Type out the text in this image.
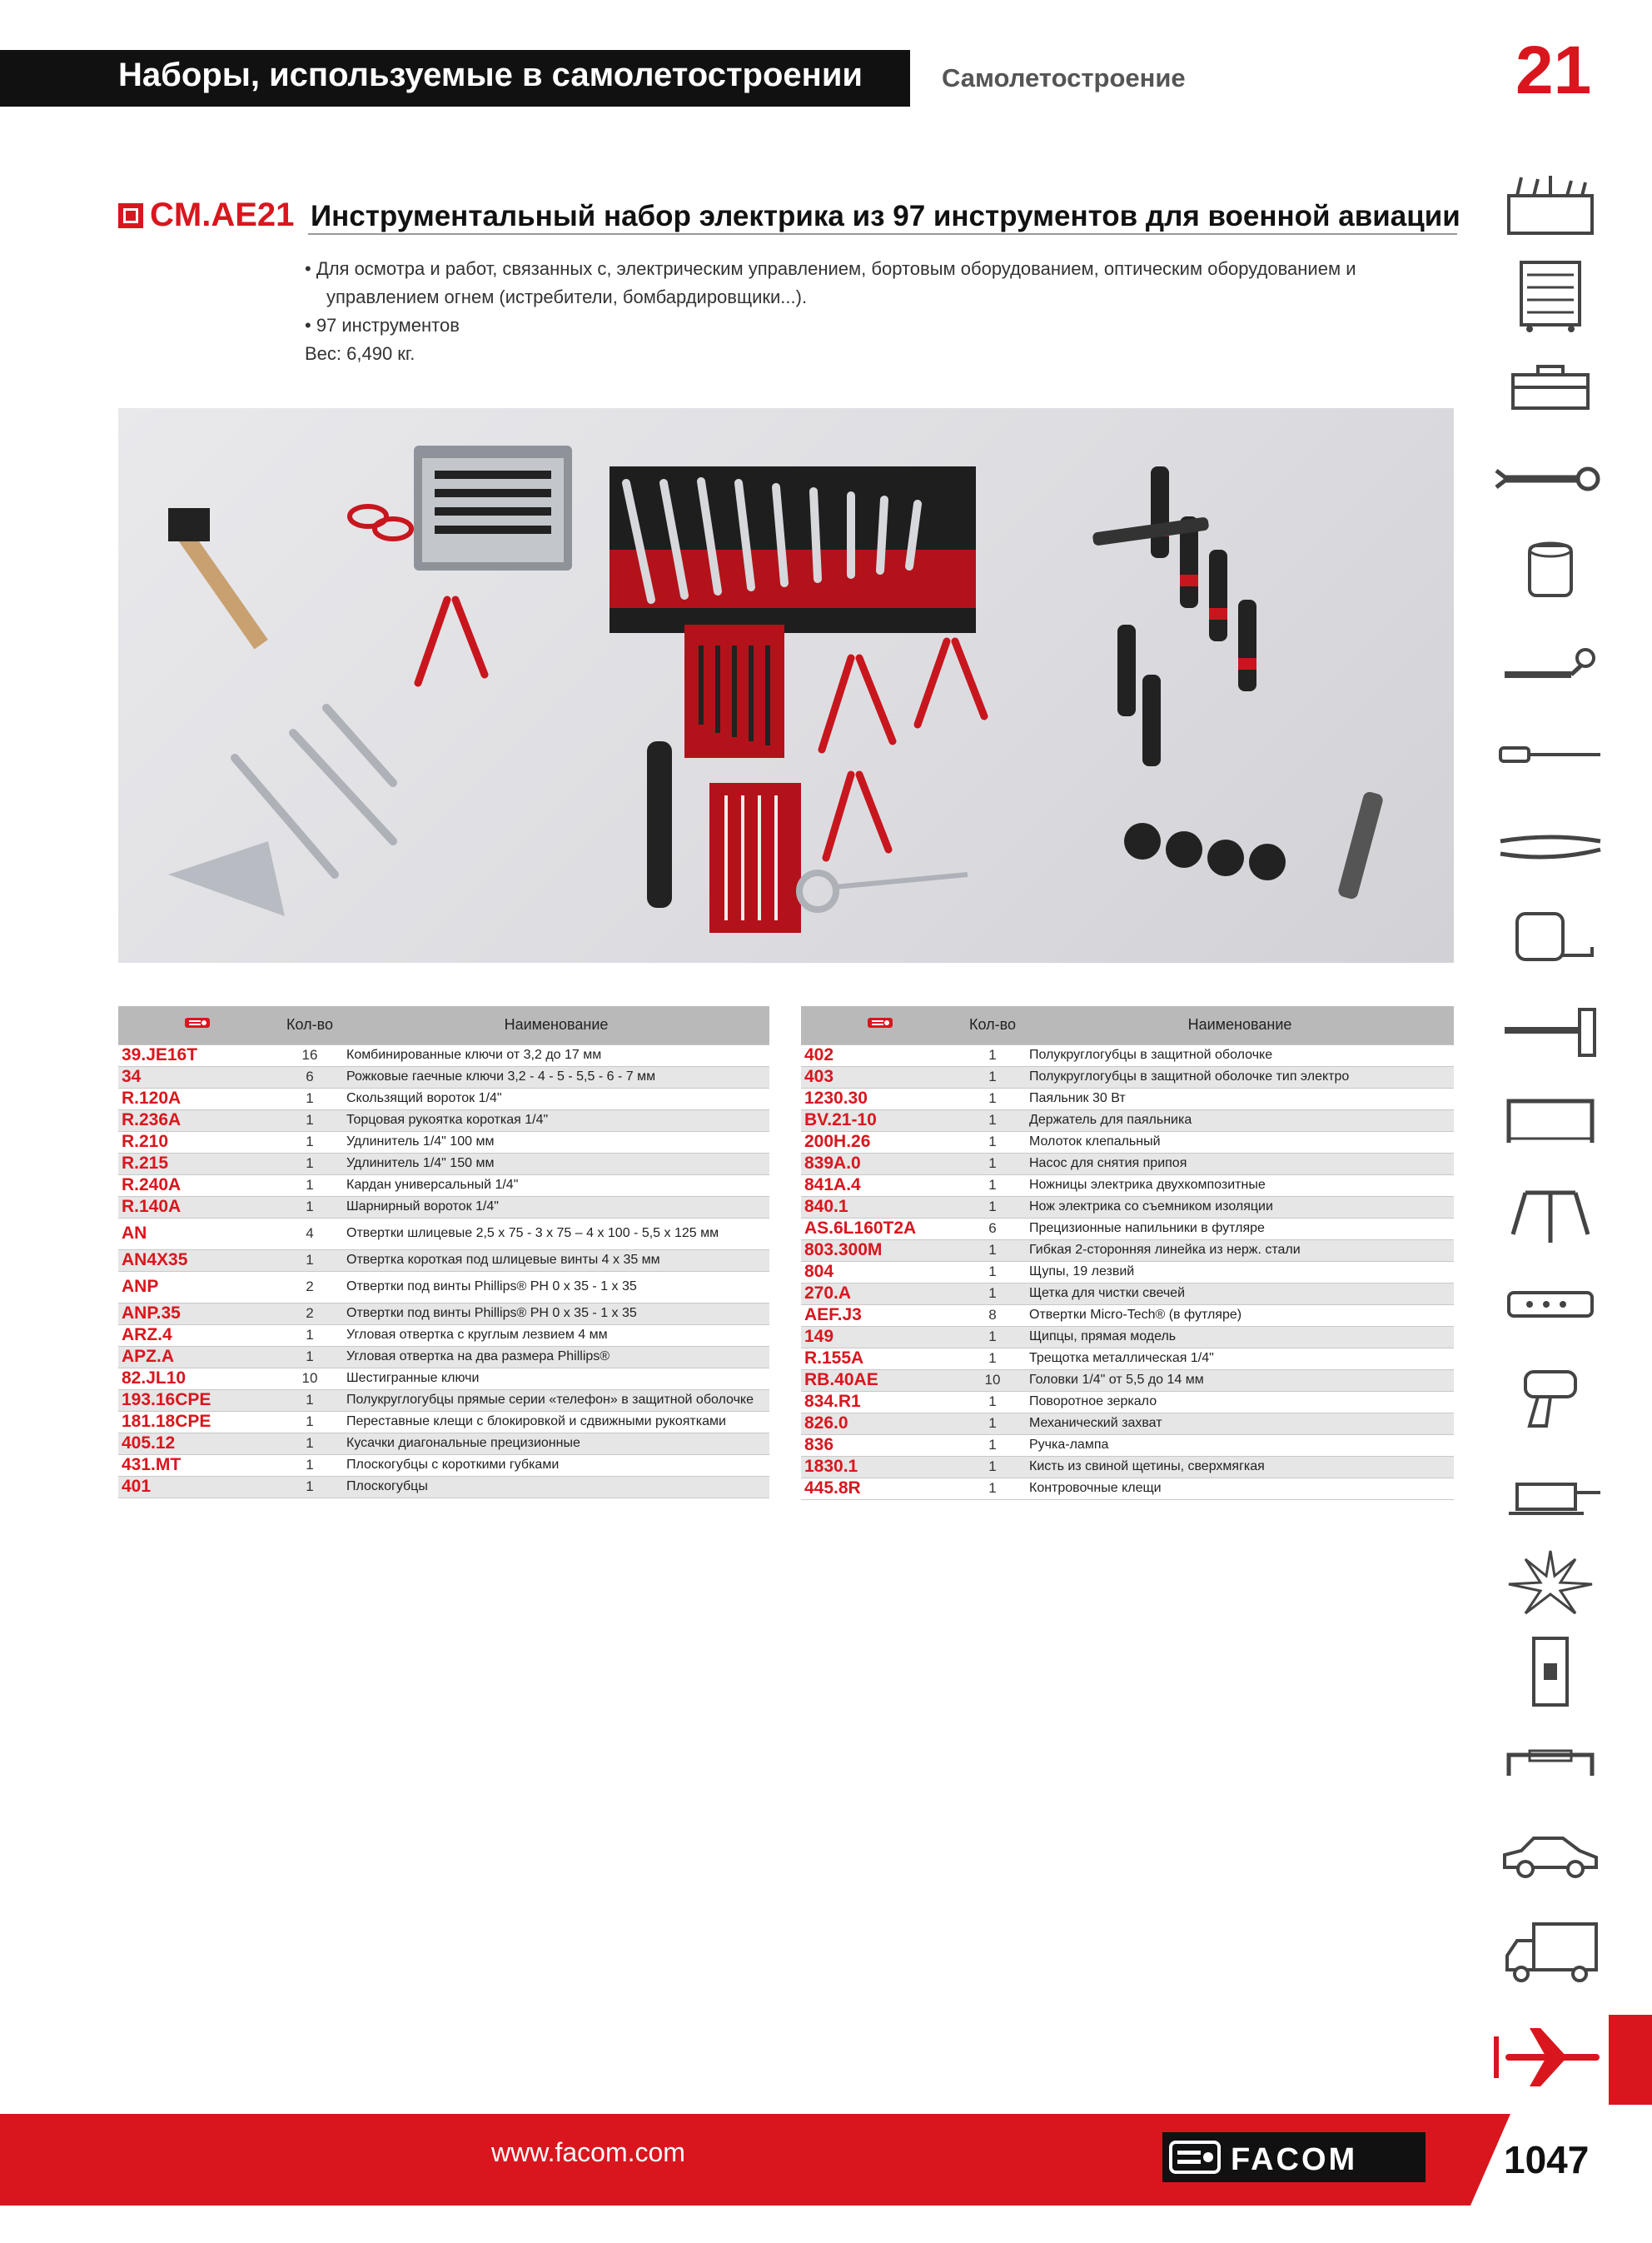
Наборы, используемые в самолетостроении	Самолетостроение	21
CM.AE21 Инструментальный набор электрика из 97 инструментов для военной авиации
• Для осмотра и работ, связанных с, электрическим управлением, бортовым оборудованием, оптическим оборудованием и
управлением огнем (истребители, бомбардировщики...).
• 97 инструментов
Вес: 6,490 кг.
	Кол-во	Наименование
39.JE16T	16	Комбинированные ключи от 3,2 до 17 мм
34	6	Рожковые гаечные ключи 3,2 - 4 - 5 - 5,5 - 6 - 7 мм
R.120A	1	Скользящий вороток 1/4"
R.236A	1	Торцовая рукоятка короткая 1/4"
R.210	1	Удлинитель 1/4" 100 мм
R.215	1	Удлинитель 1/4" 150 мм
R.240A	1	Кардан универсальный 1/4"
R.140A	1	Шарнирный вороток 1/4"
AN	4	Отвертки шлицевые 2,5 x 75 - 3 x 75 – 4 x 100 - 5,5 x 125 мм
AN4X35	1	Отвертка короткая под шлицевые винты 4 x 35 мм
ANP	2	Отвертки под винты Phillips® PH 0 x 35 - 1 x 35
ANP.35	2	Отвертки под винты Phillips® PH 0 x 35 - 1 x 35
ARZ.4	1	Угловая отвертка с круглым лезвием 4 мм
APZ.A	1	Угловая отвертка на два размера Phillips®
82.JL10	10	Шестигранные ключи
193.16CPE	1	Полукруглогубцы прямые серии «телефон» в защитной оболочке
181.18CPE	1	Переставные клещи с блокировкой и сдвижными рукоятками
405.12	1	Кусачки диагональные прецизионные
431.MT	1	Плоскогубцы с короткими губками
401	1	Плоскогубцы
	Кол-во	Наименование
402	1	Полукруглогубцы в защитной оболочке
403	1	Полукруглогубцы в защитной оболочке тип электро
1230.30	1	Паяльник 30 Вт
BV.21-10	1	Держатель для паяльника
200H.26	1	Молоток клепальный
839A.0	1	Насос для снятия припоя
841A.4	1	Ножницы электрика двухкомпозитные
840.1	1	Нож электрика со съемником изоляции
AS.6L160T2A	6	Прецизионные напильники в футляре
803.300M	1	Гибкая 2-сторонняя линейка из нерж. стали
804	1	Щупы, 19 лезвий
270.A	1	Щетка для чистки свечей
AEF.J3	8	Отвертки Micro-Tech® (в футляре)
149	1	Щипцы, прямая модель
R.155A	1	Трещотка металлическая 1/4"
RB.40AE	10	Головки 1/4" от 5,5 до 14 мм
834.R1	1	Поворотное зеркало
826.0	1	Механический захват
836	1	Ручка-лампа
1830.1	1	Кисть из свиной щетины, сверхмягкая
445.8R	1	Контровочные клещи
www.facom.com	FACOM	1047
